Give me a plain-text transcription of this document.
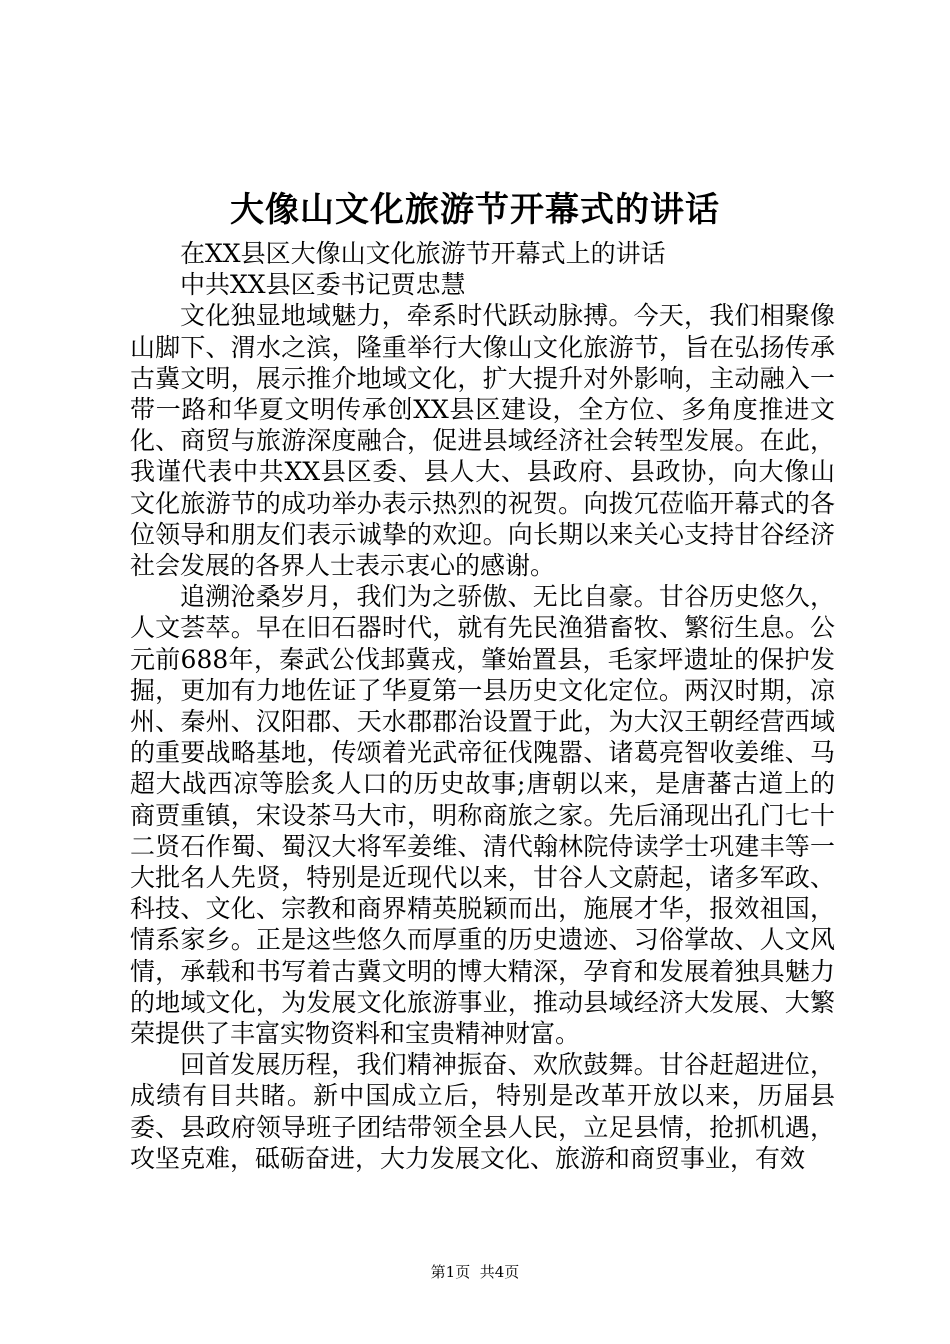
大像山文化旅游节开幕式的讲话

在XX县区大像山文化旅游节开幕式上的讲话

中共XX县区委书记贾忠慧

文化独显地域魅力，牵系时代跃动脉搏。今天，我们相聚像山脚下、渭水之滨，隆重举行大像山文化旅游节，旨在弘扬传承古冀文明，展示推介地域文化，扩大提升对外影响，主动融入一带一路和华夏文明传承创XX县区建设，全方位、多角度推进文化、商贸与旅游深度融合，促进县域经济社会转型发展。在此，我谨代表中共XX县区委、县人大、县政府、县政协，向大像山文化旅游节的成功举办表示热烈的祝贺。向拨冗莅临开幕式的各位领导和朋友们表示诚挚的欢迎。向长期以来关心支持甘谷经济社会发展的各界人士表示衷心的感谢。

追溯沧桑岁月，我们为之骄傲、无比自豪。甘谷历史悠久，人文荟萃。早在旧石器时代，就有先民渔猎畜牧、繁衍生息。公元前688年，秦武公伐邽冀戎，肇始置县，毛家坪遗址的保护发掘，更加有力地佐证了华夏第一县历史文化定位。两汉时期，凉州、秦州、汉阳郡、天水郡郡治设置于此，为大汉王朝经营西域的重要战略基地，传颂着光武帝征伐隗嚣、诸葛亮智收姜维、马超大战西凉等脍炙人口的历史故事;唐朝以来，是唐蕃古道上的商贾重镇，宋设茶马大市，明称商旅之家。先后涌现出孔门七十二贤石作蜀、蜀汉大将军姜维、清代翰林院侍读学士巩建丰等一大批名人先贤，特别是近现代以来，甘谷人文蔚起，诸多军政、科技、文化、宗教和商界精英脱颖而出，施展才华，报效祖国，情系家乡。正是这些悠久而厚重的历史遗迹、习俗掌故、人文风情，承载和书写着古冀文明的博大精深，孕育和发展着独具魅力的地域文化，为发展文化旅游事业，推动县域经济大发展、大繁荣提供了丰富实物资料和宝贵精神财富。

回首发展历程，我们精神振奋、欢欣鼓舞。甘谷赶超进位，成绩有目共睹。新中国成立后，特别是改革开放以来，历届县委、县政府领导班子团结带领全县人民，立足县情，抢抓机遇，攻坚克难，砥砺奋进，大力发展文化、旅游和商贸事业，有效

第1页 共4页
